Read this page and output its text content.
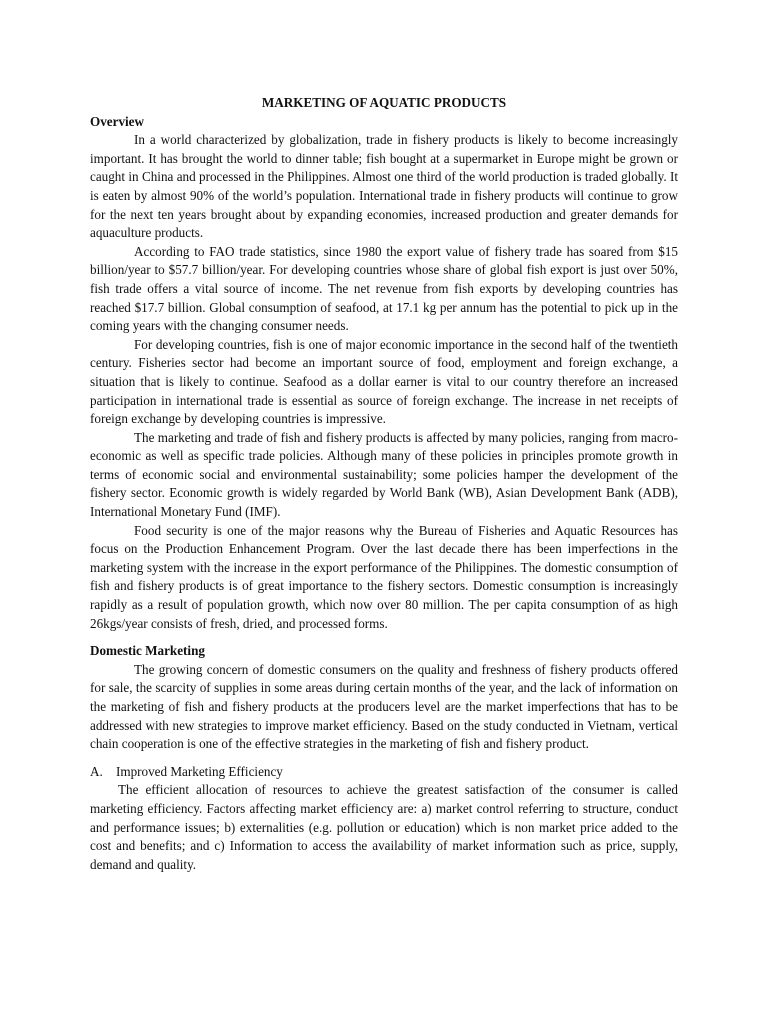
MARKETING OF AQUATIC PRODUCTS

Overview

In a world characterized by globalization, trade in fishery products is likely to become increasingly important. It has brought the world to dinner table; fish bought at a supermarket in Europe might be grown or caught in China and processed in the Philippines. Almost one third of the world production is traded globally. It is eaten by almost 90% of the world’s population. International trade in fishery products will continue to grow for the next ten years brought about by expanding economies, increased production and greater demands for aquaculture products.

According to FAO trade statistics, since 1980 the export value of fishery trade has soared from $15 billion/year to $57.7 billion/year. For developing countries whose share of global fish export is just over 50%, fish trade offers a vital source of income. The net revenue from fish exports by developing countries has reached $17.7 billion. Global consumption of seafood, at 17.1 kg per annum has the potential to pick up in the coming years with the changing consumer needs.

For developing countries, fish is one of major economic importance in the second half of the twentieth century. Fisheries sector had become an important source of food, employment and foreign exchange, a situation that is likely to continue. Seafood as a dollar earner is vital to our country therefore an increased participation in international trade is essential as source of foreign exchange. The increase in net receipts of foreign exchange by developing countries is impressive.

The marketing and trade of fish and fishery products is affected by many policies, ranging from macro-economic as well as specific trade policies. Although many of these policies in principles promote growth in terms of economic social and environmental sustainability; some policies hamper the development of the fishery sector. Economic growth is widely regarded by World Bank (WB), Asian Development Bank (ADB), International Monetary Fund (IMF).

Food security is one of the major reasons why the Bureau of Fisheries and Aquatic Resources has focus on the Production Enhancement Program. Over the last decade there has been imperfections in the marketing system with the increase in the export performance of the Philippines. The domestic consumption of fish and fishery products is of great importance to the fishery sectors. Domestic consumption is increasingly rapidly as a result of population growth, which now over 80 million. The per capita consumption of as high 26kgs/year consists of fresh, dried, and processed forms.

Domestic Marketing

The growing concern of domestic consumers on the quality and freshness of fishery products offered for sale, the scarcity of supplies in some areas during certain months of the year, and the lack of information on the marketing of fish and fishery products at the producers level are the market imperfections that has to be addressed with new strategies to improve market efficiency. Based on the study conducted in Vietnam, vertical chain cooperation is one of the effective strategies in the marketing of fish and fishery product.

A. Improved Marketing Efficiency

The efficient allocation of resources to achieve the greatest satisfaction of the consumer is called marketing efficiency. Factors affecting market efficiency are: a) market control referring to structure, conduct and performance issues; b) externalities (e.g. pollution or education) which is non market price added to the cost and benefits; and c) Information to access the availability of market information such as price, supply, demand and quality.
